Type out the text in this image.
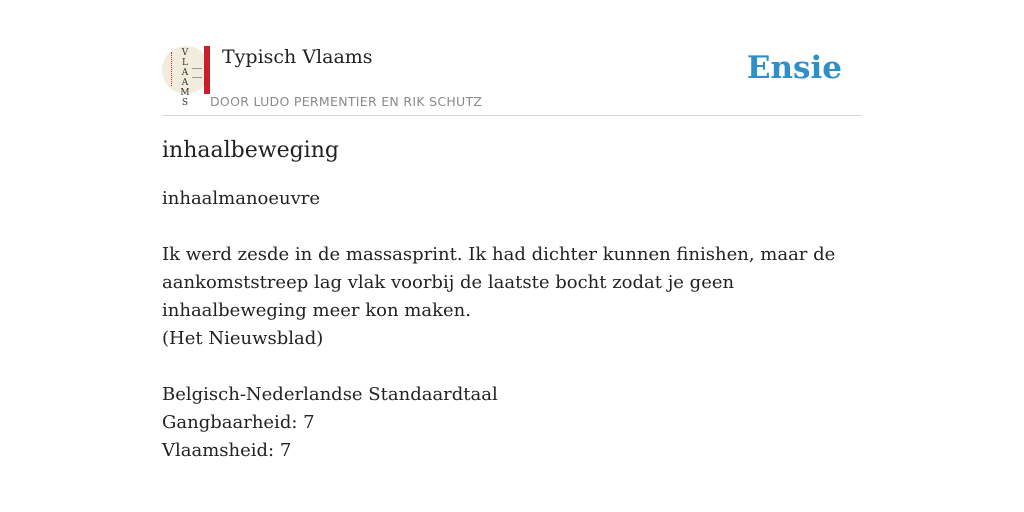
V
L
A
A
M
S
Typisch Vlaams
DOOR LUDO PERMENTIER EN RIK SCHUTZ
Ensie
inhaalbeweging

inhaalmanoeuvre

Ik werd zesde in de massasprint. Ik had dichter kunnen finishen, maar de aankomststreep lag vlak voorbij de laatste bocht zodat je geen inhaalbeweging meer kon maken.

(Het Nieuwsblad)

Belgisch-Nederlandse Standaardtaal

Gangbaarheid: 7

Vlaamsheid: 7
